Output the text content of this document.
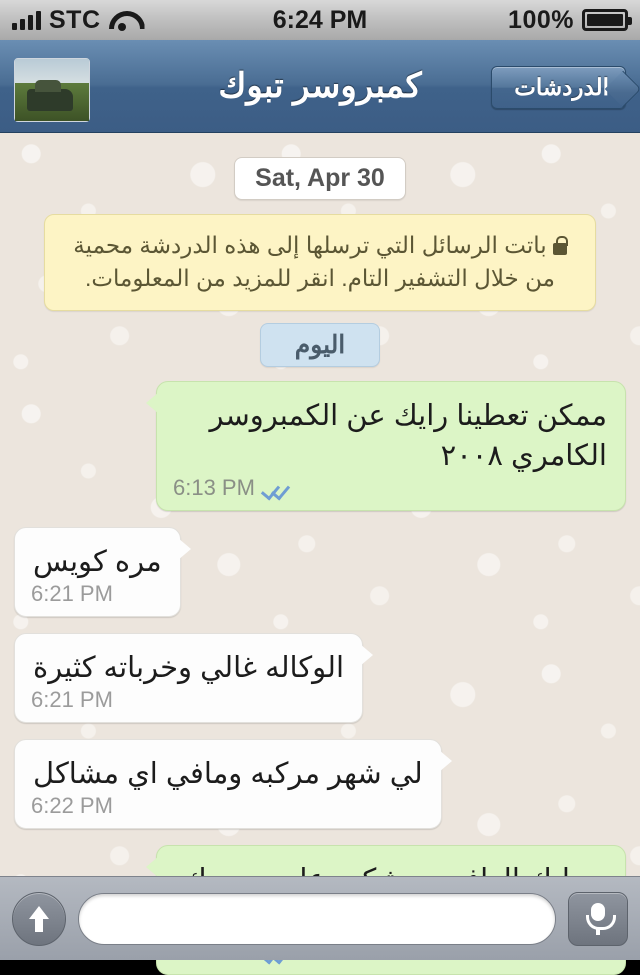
STC	6:24 PM	100%
الدردشات
كمبروسر تبوك
Sat, Apr 30
باتت الرسائل التي ترسلها إلى هذه الدردشة محمية من خلال التشفير التام. انقر للمزيد من المعلومات.
اليوم
ممكن تعطينا رايك عن الكمبروسر الكامري ٢٠٠٨
6:13 PM
مره كويس
6:21 PM
الوكاله غالي وخرباته كثيرة
6:21 PM
لي شهر مركبه ومافي اي مشاكل
6:22 PM
